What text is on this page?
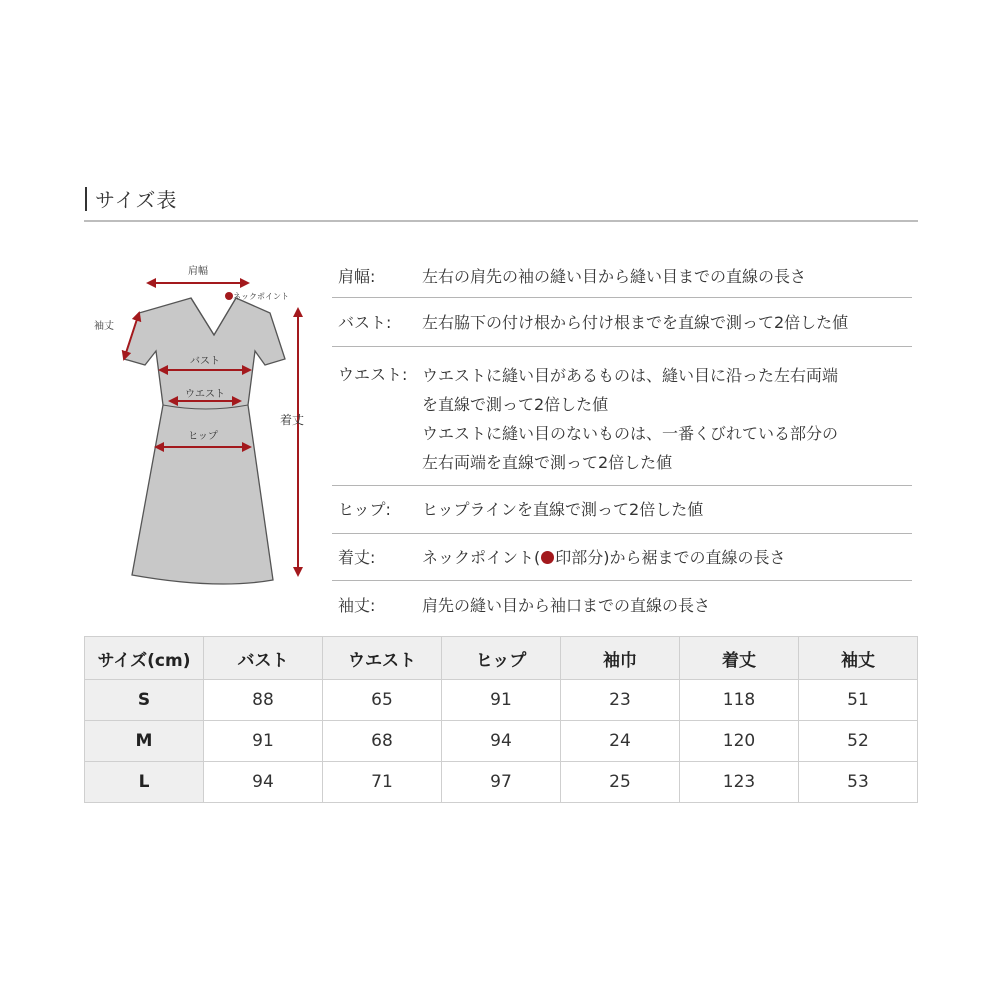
サイズ表
肩幅
ネックポイント
袖丈
バスト
ウエスト
ヒップ
着丈
肩幅:	左右の肩先の袖の縫い目から縫い目までの直線の長さ
バスト:	左右脇下の付け根から付け根までを直線で測って2倍した値
ウエスト: ウエストに縫い目があるものは、縫い目に沿った左右両端
を直線で測って2倍した値
ウエストに縫い目のないものは、一番くびれている部分の
左右両端を直線で測って2倍した値
ヒップ:	ヒップラインを直線で測って2倍した値
着丈:	ネックポイント( 印部分)から裾までの直線の長さ
袖丈:	肩先の縫い目から袖口までの直線の長さ
サイズ(cm)	バスト	ウエスト	ヒップ	袖巾	着丈	袖丈
S	88	65	91	23	118	51
M	91	68	94	24	120	52
L	94	71	97	25	123	53
